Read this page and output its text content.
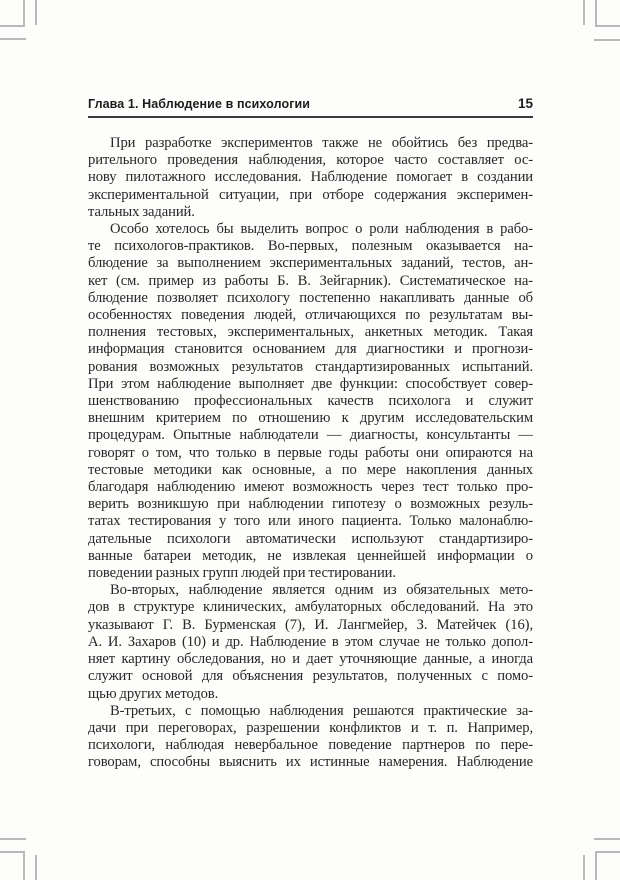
Глава 1. Наблюдение в психологии	15
При разработке экспериментов также не обойтись без предва-
рительного проведения наблюдения, которое часто составляет ос-
нову пилотажного исследования. Наблюдение помогает в создании
экспериментальной ситуации, при отборе содержания эксперимен-
тальных заданий.
Особо хотелось бы выделить вопрос о роли наблюдения в рабо-
те психологов-практиков. Во-первых, полезным оказывается на-
блюдение за выполнением экспериментальных заданий, тестов, ан-
кет (см. пример из работы Б. В. Зейгарник). Систематическое на-
блюдение позволяет психологу постепенно накапливать данные об
особенностях поведения людей, отличающихся по результатам вы-
полнения тестовых, экспериментальных, анкетных методик. Такая
информация становится основанием для диагностики и прогнози-
рования возможных результатов стандартизированных испытаний.
При этом наблюдение выполняет две функции: способствует совер-
шенствованию профессиональных качеств психолога и служит
внешним критерием по отношению к другим исследовательским
процедурам. Опытные наблюдатели — диагносты, консультанты —
говорят о том, что только в первые годы работы они опираются на
тестовые методики как основные, а по мере накопления данных
благодаря наблюдению имеют возможность через тест только про-
верить возникшую при наблюдении гипотезу о возможных резуль-
татах тестирования у того или иного пациента. Только малонаблю-
дательные психологи автоматически используют стандартизиро-
ванные батареи методик, не извлекая ценнейшей информации о
поведении разных групп людей при тестировании.
Во-вторых, наблюдение является одним из обязательных мето-
дов в структуре клинических, амбулаторных обследований. На это
указывают Г. В. Бурменская (7), И. Лангмейер, З. Матейчек (16),
А. И. Захаров (10) и др. Наблюдение в этом случае не только допол-
няет картину обследования, но и дает уточняющие данные, а иногда
служит основой для объяснения результатов, полученных с помо-
щью других методов.
В-третьих, с помощью наблюдения решаются практические за-
дачи при переговорах, разрешении конфликтов и т. п. Например,
психологи, наблюдая невербальное поведение партнеров по пере-
говорам, способны выяснить их истинные намерения. Наблюдение
